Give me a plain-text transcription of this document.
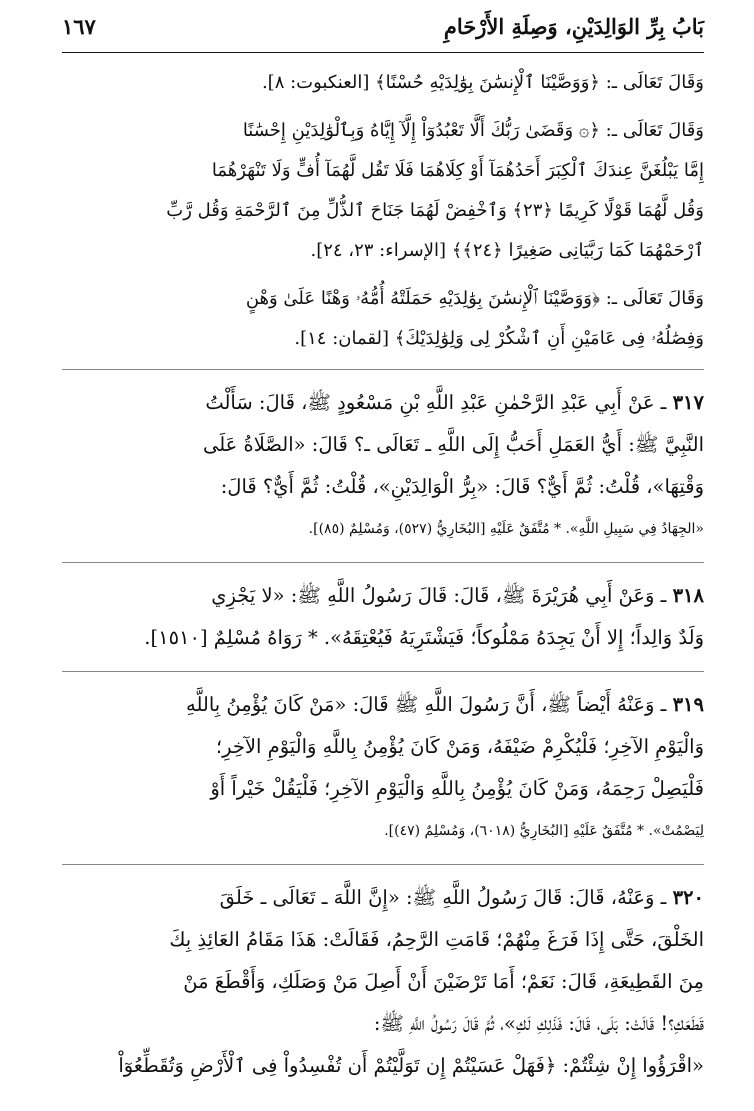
بَابُ بِرِّ الوَالِدَيْنِ، وَصِلَةِ الأَرْحَامِ
١٦٧

وَقَالَ تَعَالَى ـ: ﴿وَوَصَّيْنَا ٱلْإِنسَٰنَ بِوَٰلِدَيْهِ حُسْنًا﴾ [العنكبوت: ٨].

وَقَالَ تَعَالَى ـ: ﴿۞ وَقَضَىٰ رَبُّكَ أَلَّا تَعْبُدُوٓاْ إِلَّآ إِيَّاهُ وَبِٱلْوَٰلِدَيْنِ إِحْسَٰنًا
إِمَّا يَبْلُغَنَّ عِندَكَ ٱلْكِبَرَ أَحَدُهُمَآ أَوْ كِلَاهُمَا فَلَا تَقُل لَّهُمَآ أُفٍّ وَلَا تَنْهَرْهُمَا
وَقُل لَّهُمَا قَوْلًا كَرِيمًا ﴿٢٣﴾ وَٱخْفِضْ لَهُمَا جَنَاحَ ٱلذُّلِّ مِنَ ٱلرَّحْمَةِ وَقُل رَّبِّ
ٱرْحَمْهُمَا كَمَا رَبَّيَانِى صَغِيرًا ﴿٢٤﴾﴾ [الإسراء: ٢٣، ٢٤].

وَقَالَ تَعَالَى ـ: ﴿وَوَصَّيْنَا ٱلْإِنسَٰنَ بِوَٰلِدَيْهِ حَمَلَتْهُ أُمُّهُۥ وَهْنًا عَلَىٰ وَهْنٍ
وَفِصَٰلُهُۥ فِى عَامَيْنِ أَنِ ٱشْكُرْ لِى وَلِوَٰلِدَيْكَ﴾ [لقمان: ١٤].

٣١٧ ـ عَنْ أَبِي عَبْدِ الرَّحْمٰنِ عَبْدِ اللَّهِ بْنِ مَسْعُودٍ ﷺ، قَالَ: سَأَلْتُ
النَّبِيَّ ﷺ: أَيُّ العَمَلِ أَحَبُّ إِلَى اللَّهِ ـ تَعَالَى ـ؟ قَالَ: «الصَّلَاةُ عَلَى
وَقْتِهَا»، قُلْتُ: ثُمَّ أَيٌّ؟ قَالَ: «بِرُّ الْوَالِدَيْنِ»، قُلْتُ: ثُمَّ أَيٌّ؟ قَالَ:
«الجِهَادُ فِي سَبِيلِ اللَّهِ». * مُتَّفَقٌ عَلَيْهِ [البُخَارِيُّ (٥٢٧)، وَمُسْلِمٌ (٨٥)].

٣١٨ ـ وَعَنْ أَبِي هُرَيْرَةَ ﷺ، قَالَ: قَالَ رَسُولُ اللَّهِ ﷺ: «لا يَجْزِي
وَلَدٌ وَالِداً؛ إِلا أَنْ يَجِدَهُ مَمْلُوكاً؛ فَيَشْتَرِيَهُ فَيُعْتِقَهُ». * رَوَاهُ مُسْلِمٌ [١٥١٠].

٣١٩ ـ وَعَنْهُ أَيْضاً ﷺ، أَنَّ رَسُولَ اللَّهِ ﷺ قَالَ: «مَنْ كَانَ يُؤْمِنُ بِاللَّهِ
وَالْيَوْمِ الآخِرِ؛ فَلْيُكْرِمْ ضَيْفَهُ، وَمَنْ كَانَ يُؤْمِنُ بِاللَّهِ وَالْيَوْمِ الآخِرِ؛
فَلْيَصِلْ رَحِمَهُ، وَمَنْ كَانَ يُؤْمِنُ بِاللَّهِ وَالْيَوْمِ الآخِرِ؛ فَلْيَقُلْ خَيْراً أَوْ
لِيَصْمُتْ». * مُتَّفَقٌ عَلَيْهِ [البُخَارِيُّ (٦٠١٨)، وَمُسْلِمٌ (٤٧)].

٣٢٠ ـ وَعَنْهُ، قَالَ: قَالَ رَسُولُ اللَّهِ ﷺ: «إِنَّ اللَّهَ ـ تَعَالَى ـ خَلَقَ
الخَلْقَ، حَتَّى إِذَا فَرَغَ مِنْهُمْ؛ قَامَتِ الرَّحِمُ، فَقَالَتْ: هَذَا مَقَامُ العَائِذِ بِكَ
مِنَ القَطِيعَةِ، قَالَ: نَعَمْ؛ أَمَا تَرْضَيْنَ أَنْ أَصِلَ مَنْ وَصَلَكِ، وَأَقْطَعَ مَنْ
قَطَعَكِ؟! قَالَتْ: بَلَى، قَالَ: فَذَلِكِ لَكِ»، ثُمَّ قَالَ رَسُولُ اللَّهِ ﷺ:
«اقْرَؤُوا إِنْ شِئْتُمْ: ﴿فَهَلْ عَسَيْتُمْ إِن تَوَلَّيْتُمْ أَن تُفْسِدُواْ فِى ٱلْأَرْضِ وَتُقَطِّعُوٓاْ
